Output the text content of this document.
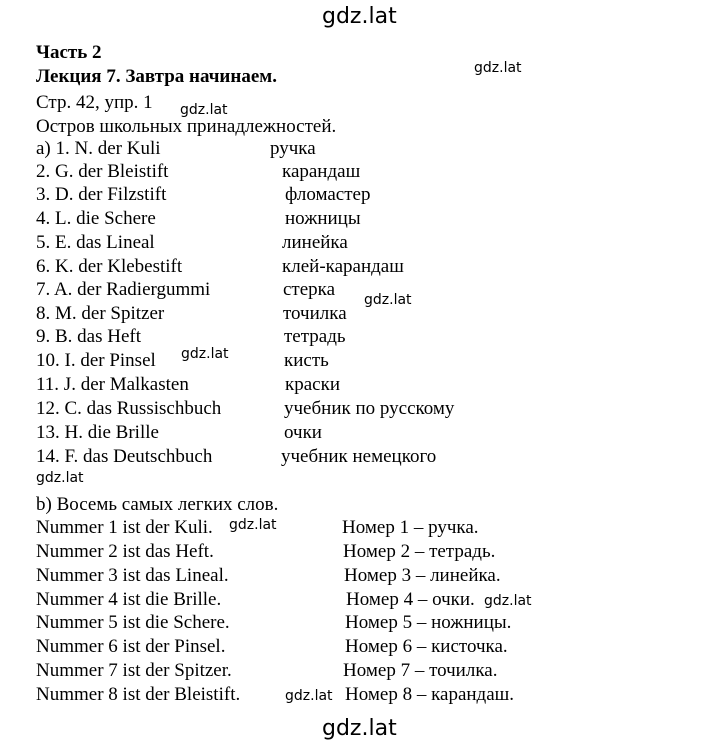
gdz.lat
gdz.lat
gdz.lat
gdz.lat
gdz.lat
gdz.lat
gdz.lat
gdz.lat
gdz.lat
gdz.lat
Часть 2
Лекция 7. Завтра начинаем.
Стр. 42, упр. 1
Остров школьных принадлежностей.
а) 1. N. der Kuli	ручка
2. G. der Bleistift	карандаш
3. D. der Filzstift	фломастер
4. L. die Schere	ножницы
5. E. das Lineal	линейка
6. K. der Klebestift	клей-карандаш
7. A. der Radiergummi	стерка
8. M. der Spitzer	точилка
9. B. das Heft	тетрадь
10. I. der Pinsel	кисть
11. J. der Malkasten	краски
12. C. das Russischbuch	учебник по русскому
13. H. die Brille	очки
14. F. das Deutschbuch	учебник немецкого
b) Восемь самых легких слов.
Nummer 1 ist der Kuli.	Номер 1 – ручка.
Nummer 2 ist das Heft.	Номер 2 – тетрадь.
Nummer 3 ist das Lineal.	Номер 3 – линейка.
Nummer 4 ist die Brille.	Номер 4 – очки.
Nummer 5 ist die Schere.	Номер 5 – ножницы.
Nummer 6 ist der Pinsel.	Номер 6 – кисточка.
Nummer 7 ist der Spitzer.	Номер 7 – точилка.
Nummer 8 ist der Bleistift.	Номер 8 – карандаш.
